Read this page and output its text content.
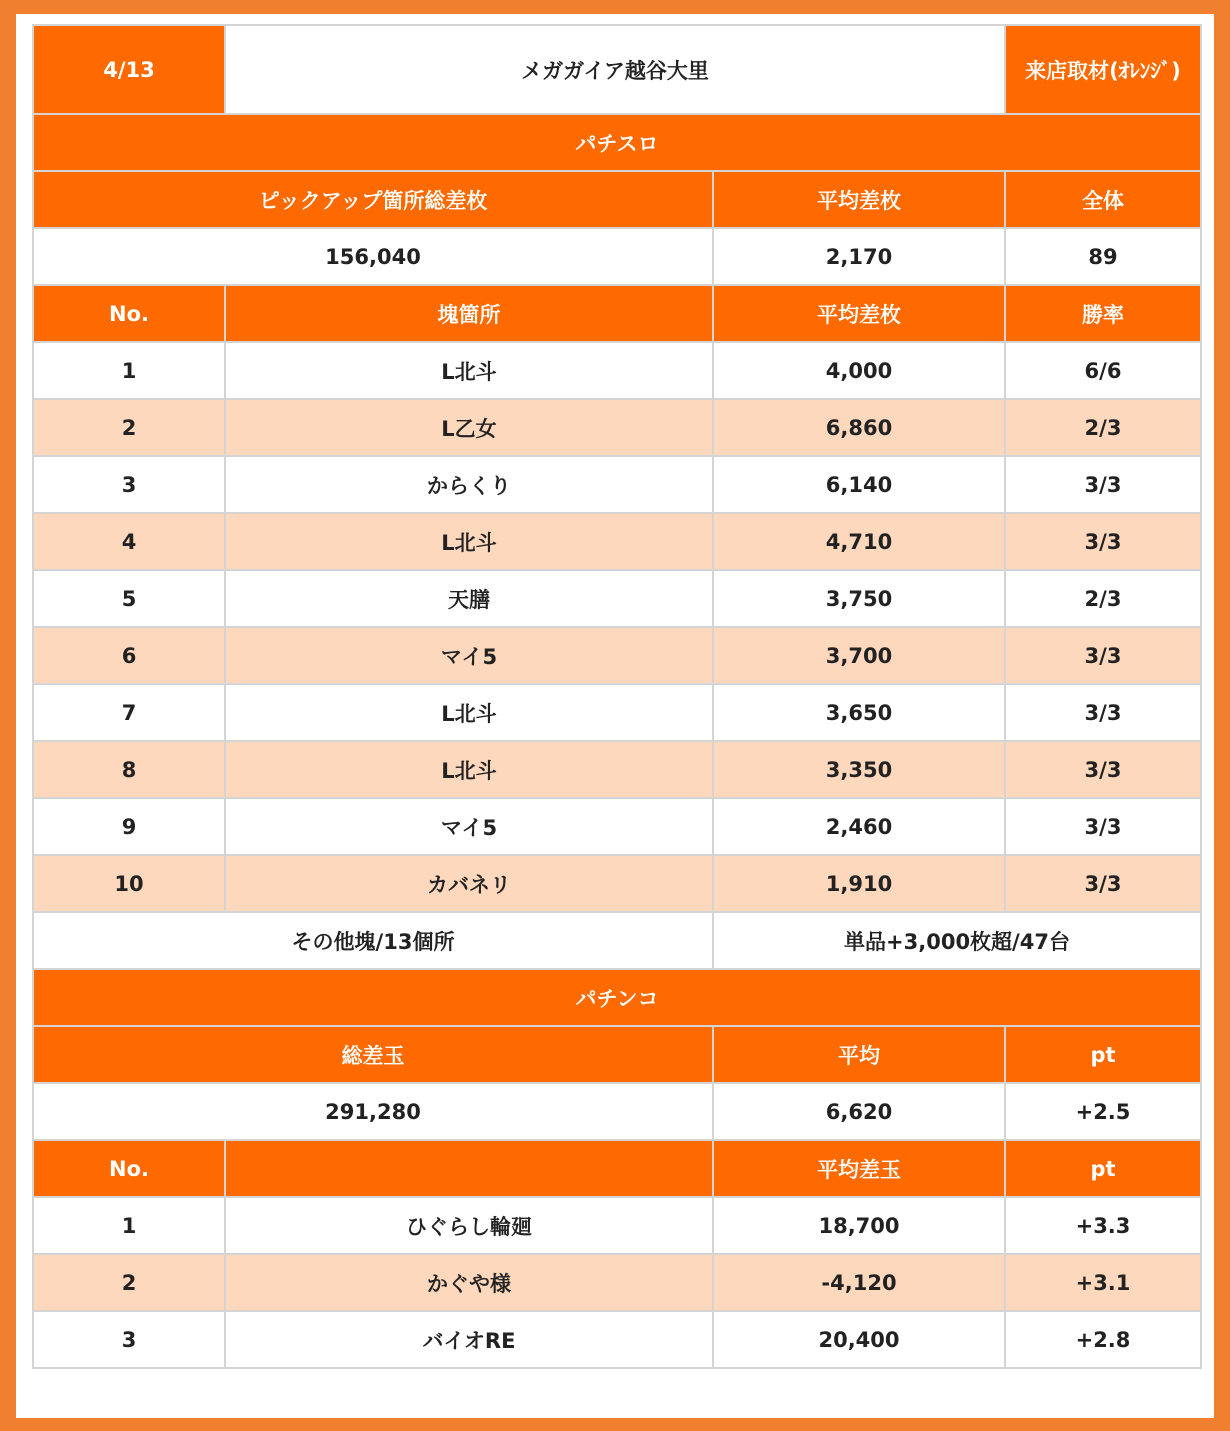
4/13	メガガイア越谷大里		来店取材(ｵﾚﾝｼﾞ)
パチスロ			
ピックアップ箇所総差枚		平均差枚	全体
156,040		2,170	89
No.	塊箇所	平均差枚	勝率
1	L北斗	4,000	6/6
2	L乙女	6,860	2/3
3	からくり	6,140	3/3
4	L北斗	4,710	3/3
5	天膳	3,750	2/3
6	マイ5	3,700	3/3
7	L北斗	3,650	3/3
8	L北斗	3,350	3/3
9	マイ5	2,460	3/3
10	カバネリ	1,910	3/3
その他塊/13個所		単品+3,000枚超/47台	
パチンコ			
総差玉		平均	pt
291,280		6,620	+2.5
No.		平均差玉	pt
1	ひぐらし輪廻	18,700	+3.3
2	かぐや様	-4,120	+3.1
3	バイオRE	20,400	+2.8
